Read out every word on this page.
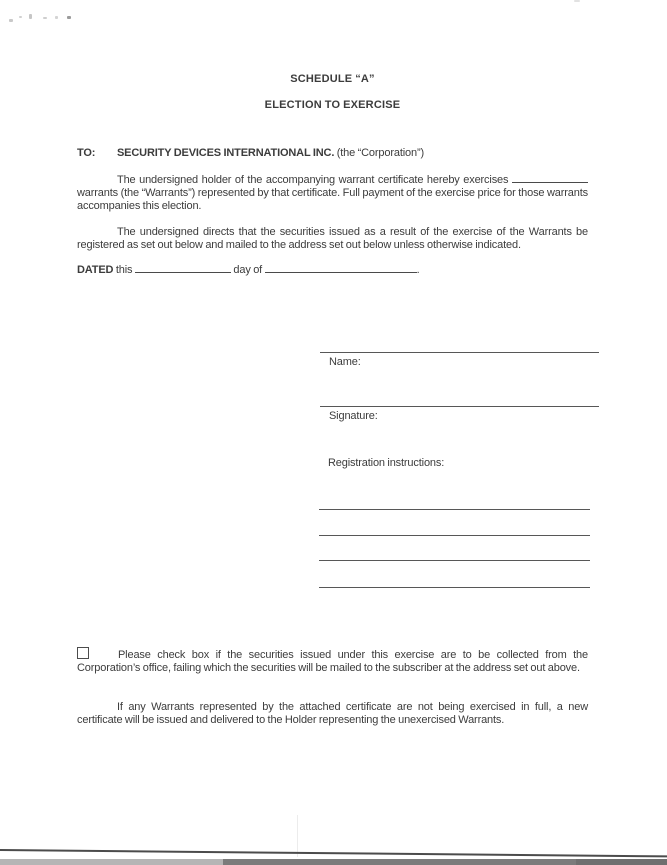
SCHEDULE “A”

ELECTION TO EXERCISE

TO: SECURITY DEVICES INTERNATIONAL INC. (the “Corporation”)

The undersigned holder of the accompanying warrant certificate hereby exercises  warrants (the “Warrants”) represented by that certificate. Full payment of the exercise price for those warrants accompanies this election.

The undersigned directs that the securities issued as a result of the exercise of the Warrants be registered as set out below and mailed to the address set out below unless otherwise indicated.

DATED this	day of	.

Name:

Signature:

Registration instructions:

Please check box if the securities issued under this exercise are to be collected from the Corporation’s office, failing which the securities will be mailed to the subscriber at the address set out above.

If any Warrants represented by the attached certificate are not being exercised in full, a new certificate will be issued and delivered to the Holder representing the unexercised Warrants.
